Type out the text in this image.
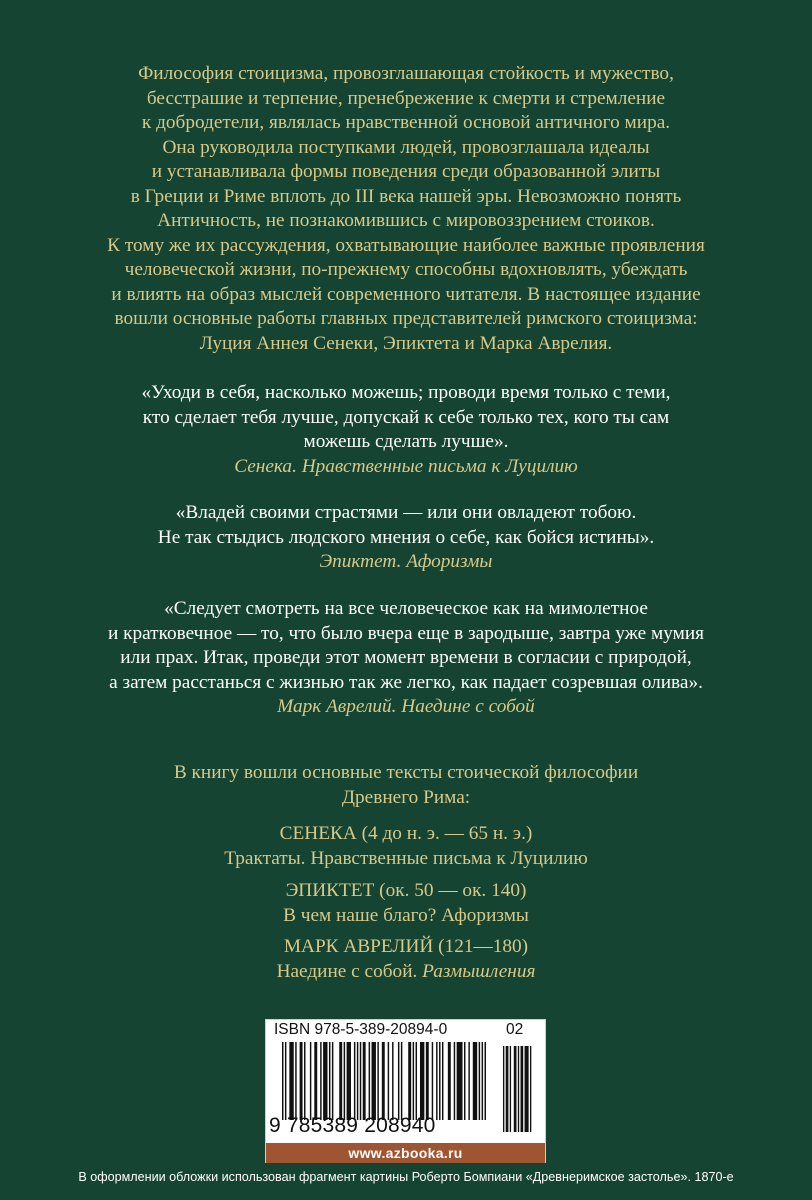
Философия стоицизма, провозглашающая стойкость и мужество,
бесстрашие и терпение, пренебрежение к смерти и стремление
к добродетели, являлась нравственной основой античного мира.
Она руководила поступками людей, провозглашала идеалы
и устанавливала формы поведения среди образованной элиты
в Греции и Риме вплоть до III века нашей эры. Невозможно понять
Античность, не познакомившись с мировоззрением стоиков.
К тому же их рассуждения, охватывающие наиболее важные проявления
человеческой жизни, по-прежнему способны вдохновлять, убеждать
и влиять на образ мыслей современного читателя. В настоящее издание
вошли основные работы главных представителей римского стоицизма:
Луция Аннея Сенеки, Эпиктета и Марка Аврелия.
«Уходи в себя, насколько можешь; проводи время только с теми,
кто сделает тебя лучше, допускай к себе только тех, кого ты сам
можешь сделать лучше».
Сенека. Нравственные письма к Луцилию
«Владей своими страстями — или они овладеют тобою.
Не так стыдись людского мнения о себе, как бойся истины».
Эпиктет. Афоризмы
«Следует смотреть на все человеческое как на мимолетное
и кратковечное — то, что было вчера еще в зародыше, завтра уже мумия
или прах. Итак, проведи этот момент времени в согласии с природой,
а затем расстанься с жизнью так же легко, как падает созревшая олива».
Марк Аврелий. Наедине с собой
В книгу вошли основные тексты стоической философии
Древнего Рима:
СЕНЕКА (4 до н. э. — 65 н. э.)
Трактаты. Нравственные письма к Луцилию
ЭПИКТЕТ (ок. 50 — ок. 140)
В чем наше благо? Афоризмы
МАРК АВРЕЛИЙ (121—180)
Наедине с собой. Размышления
ISBN 978-5-389-20894-0	02
9 785389 208940
www.azbooka.ru
В оформлении обложки использован фрагмент картины Роберто Бомпиани «Древнеримское застолье». 1870-е
